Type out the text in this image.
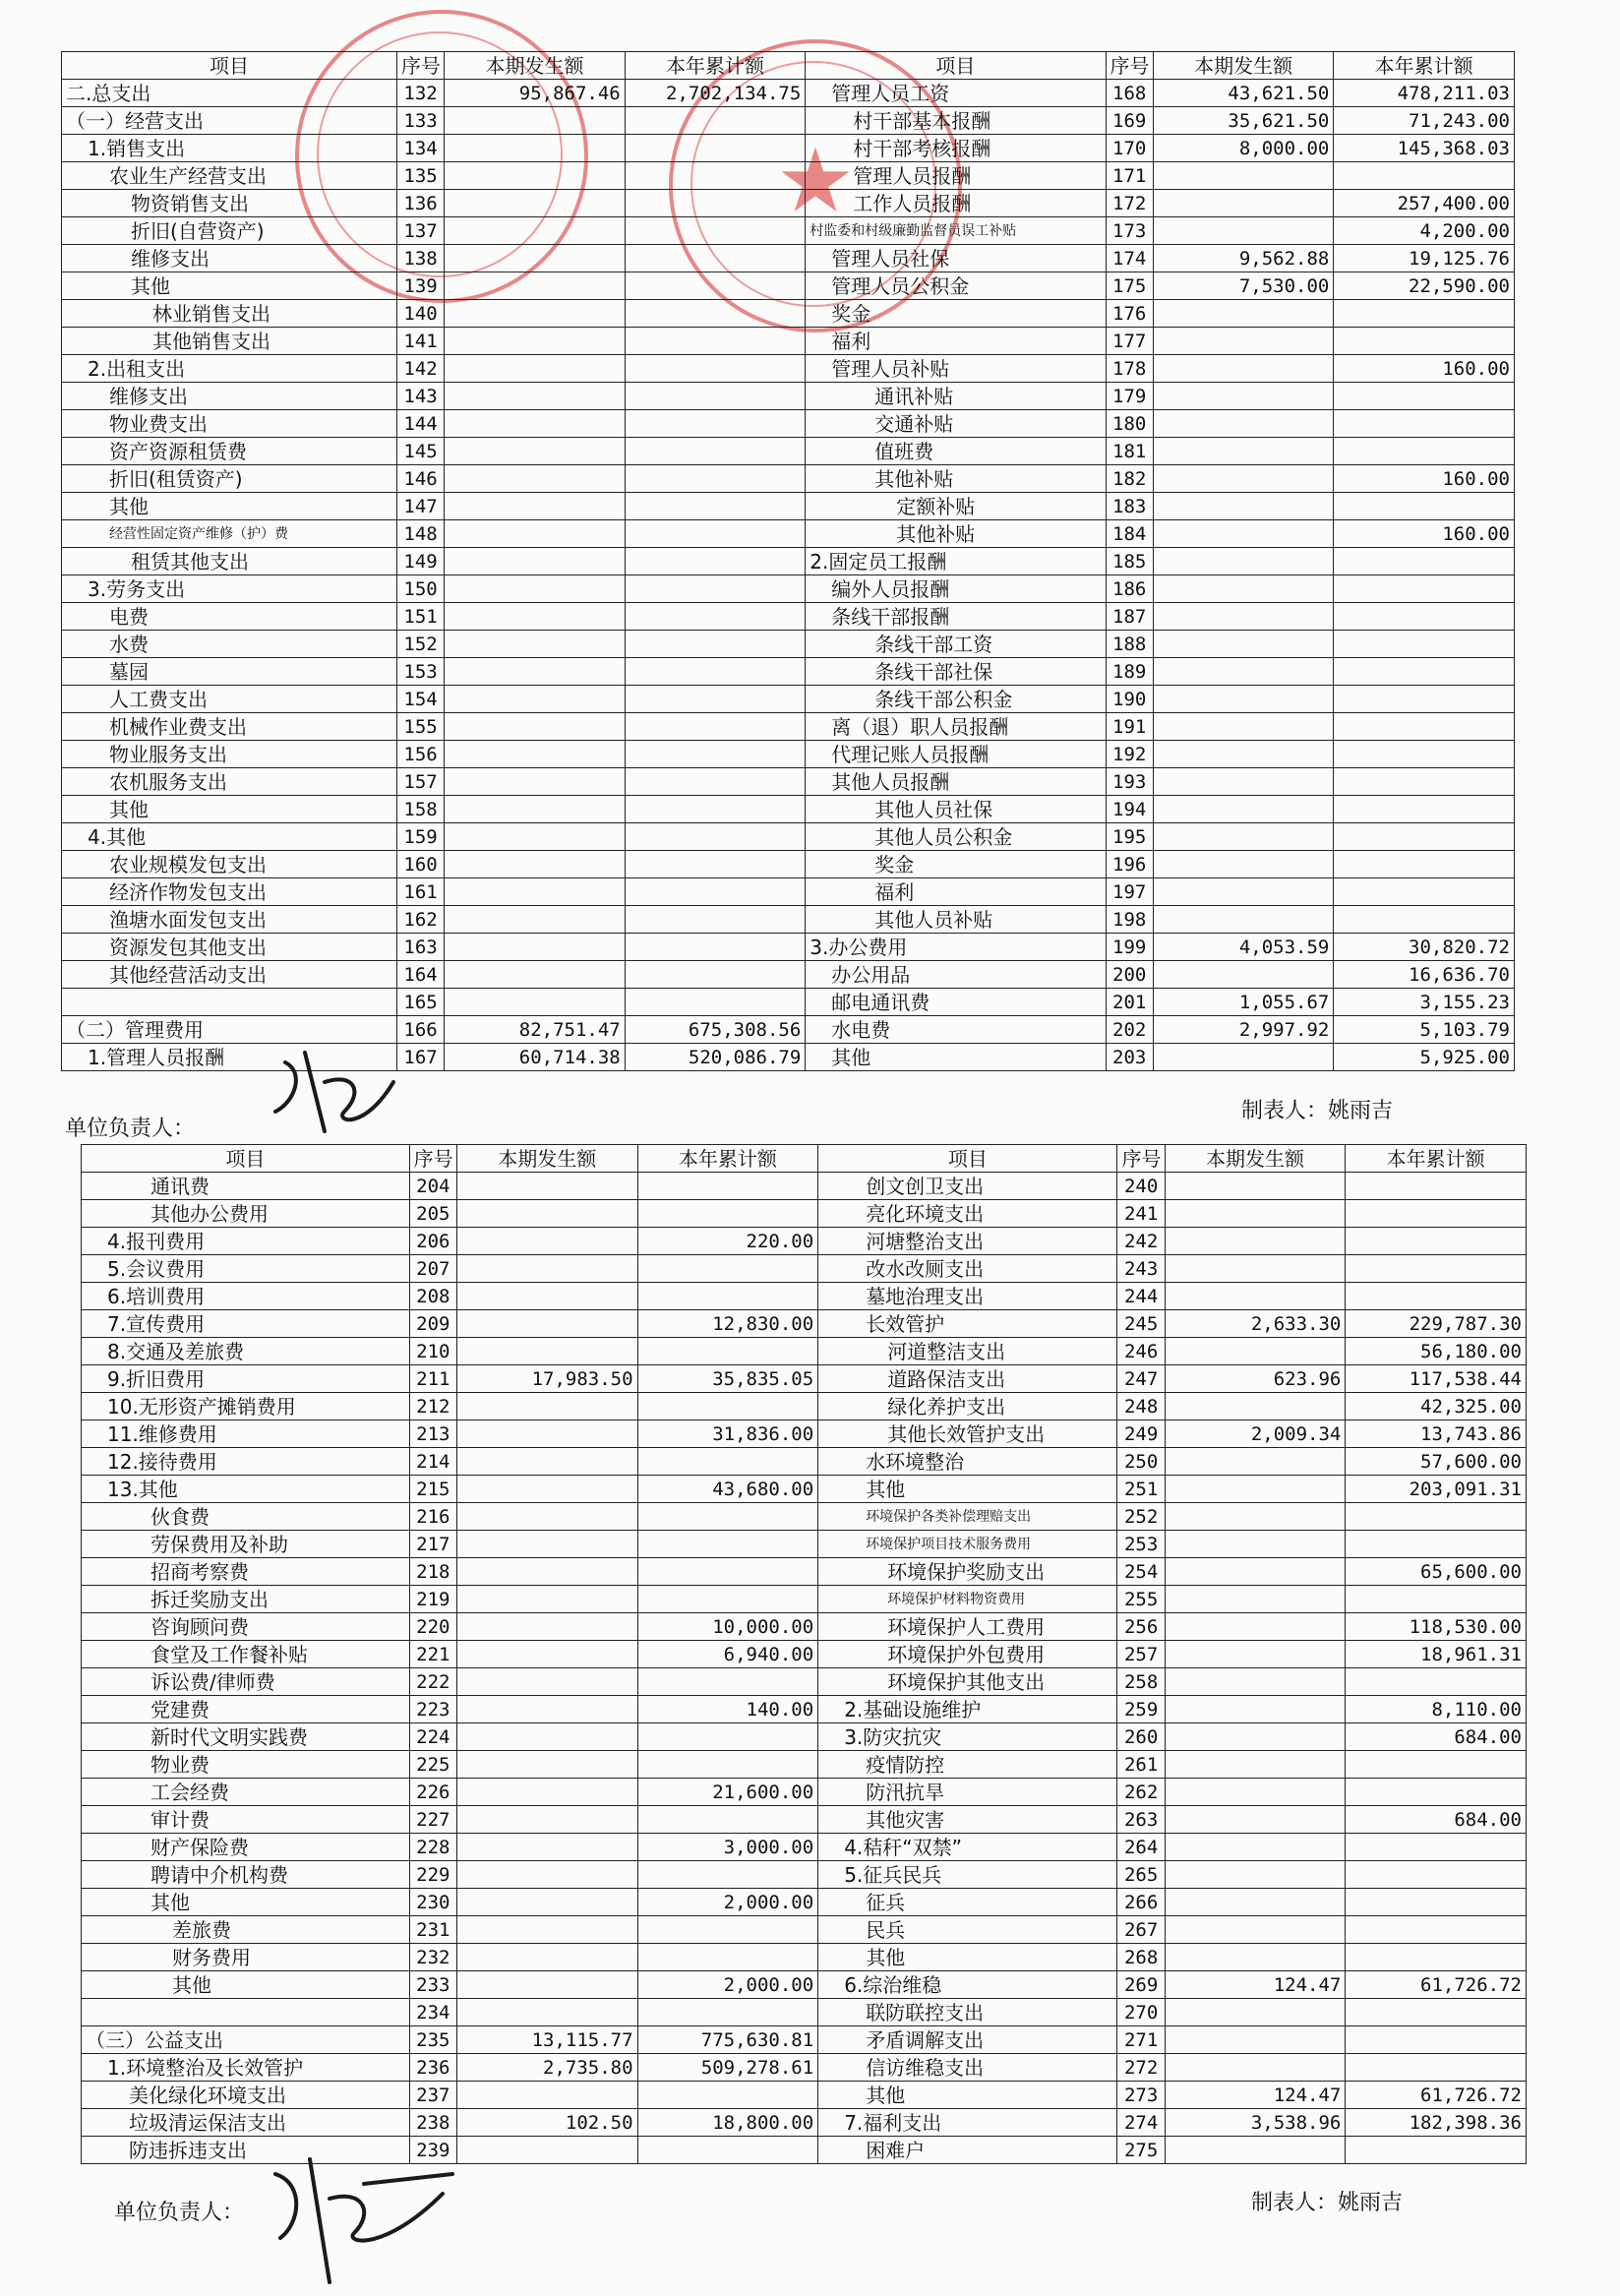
★
项目	序号	本期发生额	本年累计额	项目	序号	本期发生额	本年累计额
二.总支出	132	95,867.46	2,702,134.75	管理人员工资	168	43,621.50	478,211.03
（一）经营支出	133			村干部基本报酬	169	35,621.50	71,243.00
1.销售支出	134			村干部考核报酬	170	8,000.00	145,368.03
农业生产经营支出	135			管理人员报酬	171		
物资销售支出	136			工作人员报酬	172		257,400.00
折旧(自营资产)	137			村监委和村级廉勤监督员误工补贴	173		4,200.00
维修支出	138			管理人员社保	174	9,562.88	19,125.76
其他	139			管理人员公积金	175	7,530.00	22,590.00
林业销售支出	140			奖金	176		
其他销售支出	141			福利	177		
2.出租支出	142			管理人员补贴	178		160.00
维修支出	143			通讯补贴	179		
物业费支出	144			交通补贴	180		
资产资源租赁费	145			值班费	181		
折旧(租赁资产)	146			其他补贴	182		160.00
其他	147			定额补贴	183		
经营性固定资产维修（护）费	148			其他补贴	184		160.00
租赁其他支出	149			2.固定员工报酬	185		
3.劳务支出	150			编外人员报酬	186		
电费	151			条线干部报酬	187		
水费	152			条线干部工资	188		
墓园	153			条线干部社保	189		
人工费支出	154			条线干部公积金	190		
机械作业费支出	155			离（退）职人员报酬	191		
物业服务支出	156			代理记账人员报酬	192		
农机服务支出	157			其他人员报酬	193		
其他	158			其他人员社保	194		
4.其他	159			其他人员公积金	195		
农业规模发包支出	160			奖金	196		
经济作物发包支出	161			福利	197		
渔塘水面发包支出	162			其他人员补贴	198		
资源发包其他支出	163			3.办公费用	199	4,053.59	30,820.72
其他经营活动支出	164			办公用品	200		16,636.70
	165			邮电通讯费	201	1,055.67	3,155.23
（二）管理费用	166	82,751.47	675,308.56	水电费	202	2,997.92	5,103.79
1.管理人员报酬	167	60,714.38	520,086.79	其他	203		5,925.00
单位负责人：
制表人：姚雨吉
项目	序号	本期发生额	本年累计额	项目	序号	本期发生额	本年累计额
通讯费	204			创文创卫支出	240		
其他办公费用	205			亮化环境支出	241		
4.报刊费用	206		220.00	河塘整治支出	242		
5.会议费用	207			改水改厕支出	243		
6.培训费用	208			墓地治理支出	244		
7.宣传费用	209		12,830.00	长效管护	245	2,633.30	229,787.30
8.交通及差旅费	210			河道整洁支出	246		56,180.00
9.折旧费用	211	17,983.50	35,835.05	道路保洁支出	247	623.96	117,538.44
10.无形资产摊销费用	212			绿化养护支出	248		42,325.00
11.维修费用	213		31,836.00	其他长效管护支出	249	2,009.34	13,743.86
12.接待费用	214			水环境整治	250		57,600.00
13.其他	215		43,680.00	其他	251		203,091.31
伙食费	216			环境保护各类补偿理赔支出	252		
劳保费用及补助	217			环境保护项目技术服务费用	253		
招商考察费	218			环境保护奖励支出	254		65,600.00
拆迁奖励支出	219			环境保护材料物资费用	255		
咨询顾问费	220		10,000.00	环境保护人工费用	256		118,530.00
食堂及工作餐补贴	221		6,940.00	环境保护外包费用	257		18,961.31
诉讼费/律师费	222			环境保护其他支出	258		
党建费	223		140.00	2.基础设施维护	259		8,110.00
新时代文明实践费	224			3.防灾抗灾	260		684.00
物业费	225			疫情防控	261		
工会经费	226		21,600.00	防汛抗旱	262		
审计费	227			其他灾害	263		684.00
财产保险费	228		3,000.00	4.秸秆“双禁”	264		
聘请中介机构费	229			5.征兵民兵	265		
其他	230		2,000.00	征兵	266		
差旅费	231			民兵	267		
财务费用	232			其他	268		
其他	233		2,000.00	6.综治维稳	269	124.47	61,726.72
	234			联防联控支出	270		
（三）公益支出	235	13,115.77	775,630.81	矛盾调解支出	271		
1.环境整治及长效管护	236	2,735.80	509,278.61	信访维稳支出	272		
美化绿化环境支出	237			其他	273	124.47	61,726.72
垃圾清运保洁支出	238	102.50	18,800.00	7.福利支出	274	3,538.96	182,398.36
防违拆违支出	239			困难户	275		
单位负责人：	制表人：姚雨吉
